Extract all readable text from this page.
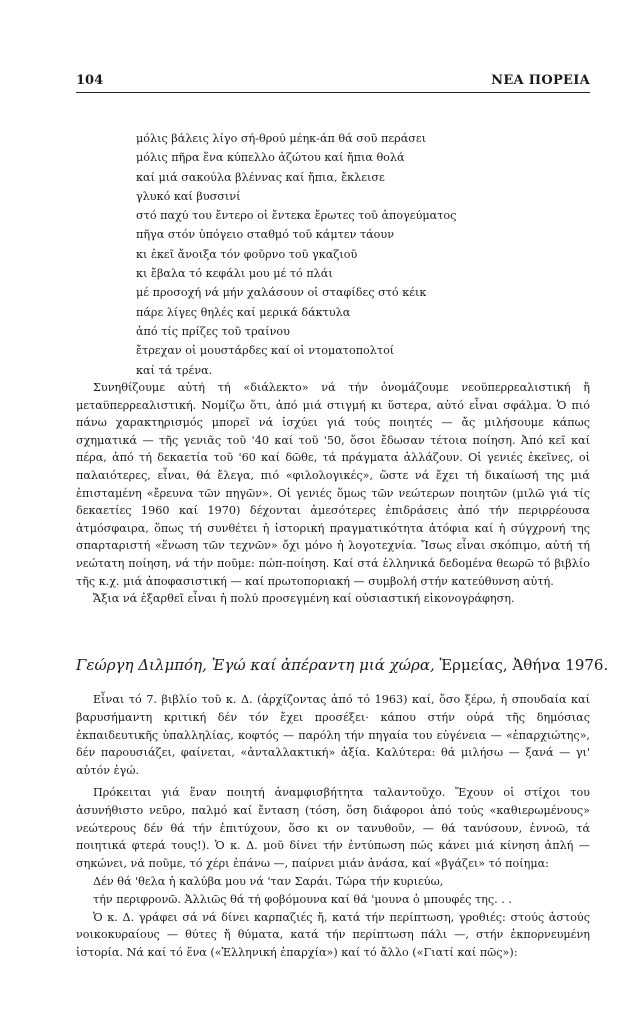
104	ΝΕΑ ΠΟΡΕΙΑ
μόλις βάλεις λίγο σή-θρού μέηκ-άπ θά σοῦ περάσει
μόλις πῆρα ἕνα κύπελλο ἀζώτου καί ἤπια θολά
καί μιά σακούλα βλέννας καί ἤπια, ἔκλεισε
γλυκό καί βυσσινί
στό παχύ του ἔντερο οἱ ἔντεκα ἔρωτες τοῦ ἀπογεύματος
πῆγα στόν ὑπόγειο σταθμό τοῦ κάμτεν τάουν
κι ἐκεῖ ἄνοιξα τόν φοῦρνο τοῦ γκαζιοῦ
κι ἔβαλα τό κεφάλι μου μέ τό πλάι
μέ προσοχή νά μήν χαλάσουν οἱ σταφίδες στό κέικ
πάρε λίγες θηλές καί μερικά δάκτυλα
ἀπό τίς πρίζες τοῦ τραίνου
ἔτρεχαν οἱ μουστάρδες καί οἱ ντοματοπολτοί
καί τά τρένα.

Συνηθίζουμε αὐτή τή «διάλεκτο» νά τήν ὀνομάζουμε νεοϋπερρεαλιστική ἤ μεταϋπερρεαλιστική. Νομίζω ὅτι, ἀπό μιά στιγμή κι ὕστερα, αὐτό εἶναι σφάλμα. Ὁ πιό πάνω χαρακτηρισμός μπορεῖ νά ἰσχύει γιά τούς ποιητές — ἄς μιλήσουμε κάπως σχηματικά — τῆς γενιᾶς τοῦ '40 καί τοῦ '50, ὅσοι ἔδωσαν τέτοια ποίηση. Ἀπό κεῖ καί πέρα, ἀπό τή δεκαετία τοῦ '60 καί δῶθε, τά πράγματα ἀλλάζουν. Οἱ γενιές ἐκεῖνες, οἱ παλαιότερες, εἶναι, θά ἔλεγα, πιό «φιλολογικές», ὥστε νά ἔχει τή δικαίωσή της μιά ἐπισταμένη «ἔρευνα τῶν πηγῶν». Οἱ γενιές ὅμως τῶν νεώτερων ποιητῶν (μιλῶ γιά τίς δεκαετίες 1960 καί 1970) δέχονται ἀμεσότερες ἐπιδράσεις ἀπό τήν περιρρέουσα ἀτμόσφαιρα, ὅπως τή συνθέτει ἡ ἱστορική πραγματικότητα ἀτόφια καί ἡ σύγχρονή της σπαρταριστή «ἕνωση τῶν τεχνῶν» ὄχι μόνο ἡ λογοτεχνία. Ἴσως εἶναι σκόπιμο, αὐτή τή νεώτατη ποίηση, νά τήν ποῦμε: πώπ-ποίηση. Καί στά ἑλληνικά δεδομένα θεωρῶ τό βιβλίο τῆς κ.χ. μιά ἀποφασιστική — καί πρωτοποριακή — συμβολή στήν κατεύθυνση αὐτή.

Ἄξια νά ἐξαρθεῖ εἶναι ἡ πολύ προσεγμένη καί οὐσιαστική εἰκονογράφηση.

Γεώργη Διλμπόη, Ἐγώ καί ἀπέραντη μιά χώρα, Ἑρμείας, Ἀθήνα 1976.

Εἶναι τό 7. βιβλίο τοῦ κ. Δ. (ἀρχίζοντας ἀπό τό 1963) καί, ὅσο ξέρω, ἡ σπουδαία καί βαρυσήμαντη κριτική δέν τόν ἔχει προσέξει· κάπου στήν οὐρά τῆς δημόσιας ἐκπαιδευτικῆς ὑπαλληλίας, κοφτός — παρόλη τήν πηγαία του εὐγένεια — «ἐπαρχιώτης», δέν παρουσιάζει, φαίνεται, «ἀνταλλακτική» ἀξία. Καλύτερα: θά μιλήσω — ξανά — γι' αὐτόν ἐγώ.

Πρόκειται γιά ἕναν ποιητή ἀναμφισβήτητα ταλαντοῦχο. Ἔχουν οἱ στίχοι του ἀσυνήθιστο νεῦρο, παλμό καί ἔνταση (τόση, ὅση διάφοροι ἀπό τούς «καθιερωμένους» νεώτερους δέν θά τήν ἐπιτύχουν, ὅσο κι ον τανυθοῦν, — θά τανύσουν, ἐννοῶ, τά ποιητικά φτερά τους!). Ὁ κ. Δ. μοῦ δίνει τήν ἐντύπωση πώς κάνει μιά κίνηση ἁπλή — σηκώνει, νά ποῦμε, τό χέρι ἐπάνω —, παίρνει μιάν ἀνάσα, καί «βγάζει» τό ποίημα:

Δέν θά 'θελα ἡ καλύβα μου νά 'ταν Σαράι. Τώρα τήν κυριεύω,

τήν περιφρονῶ. Ἀλλιῶς θά τή φοβόμουνα καί θά 'μουνα ὁ μπουφές της. . .

Ὁ κ. Δ. γράφει σά νά δίνει καρπαζιές ἤ, κατά τήν περίπτωση, γροθιές: στούς ἀστούς νοικοκυραίους — θύτες ἤ θύματα, κατά τήν περίπτωση πάλι —, στήν ἐκπορνευμένη ἱστορία. Νά καί τό ἕνα («Ἑλληνική ἐπαρχία») καί τό ἄλλο («Γιατί καί πῶς»):
